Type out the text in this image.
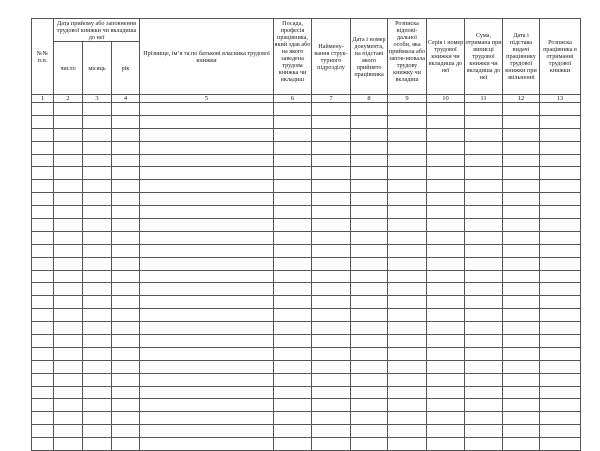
№№ п.п.	Дата прийому або заповнення трудової книжки чи вкладиша до неї			Прізвище, ім’я та по батькові власника трудової книжки	Посада, професія працівника, який здав або на якого заведена трудова книжка чи вкладиш	Наймену-вання струк-турного підрозділу	Дата і номер документа, на підставі якого прийнято працівника	Розписка відпові-дальної особи, яка приймала або запов-нювала трудову книжку чи вкладиш	Серія і номер трудової книжки чи вкладиша до неї	Сума, отримана при виписці трудової книжки чи вкладиша до неї	Дата і підстава видачі працівнику трудової книжки при звільненні	Розписка працівника в отриманні трудової книжки
	число	місяць	рік									
1	2	3	4	5	6	7	8	9	10	11	12	13
